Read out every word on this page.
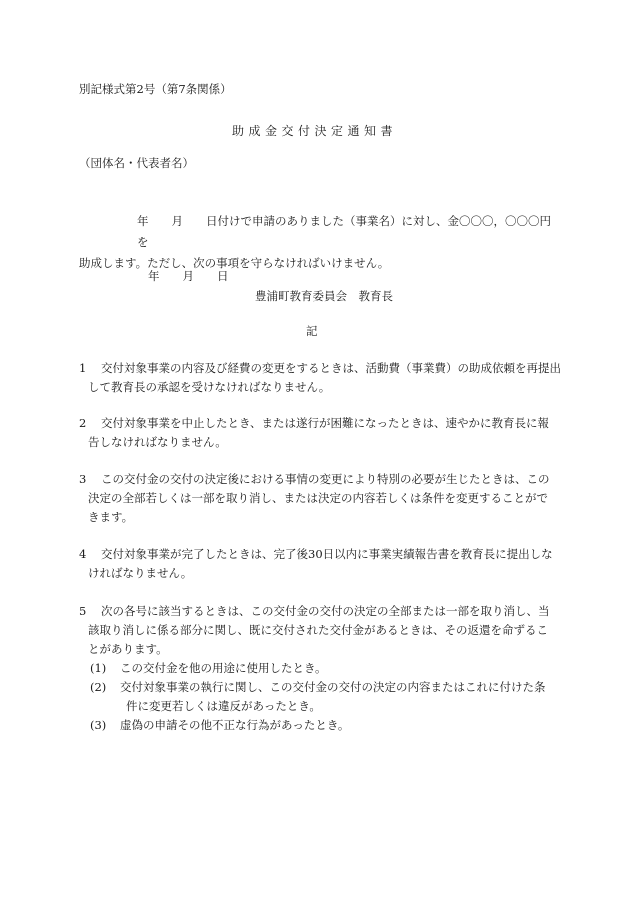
別記様式第2号（第7条関係）
助成金交付決定通知書
（団体名・代表者名）
年　　月　　日付けで申請のありました（事業名）に対し、金〇〇〇，〇〇〇円を
助成します。ただし、次の事項を守らなければいけません。
年　　月　　日
豊浦町教育委員会　教育長
記
1 交付対象事業の内容及び経費の変更をするときは、活動費（事業費）の助成依頼を再提出
して教育長の承認を受けなければなりません。
2 交付対象事業を中止したとき、または遂行が困難になったときは、速やかに教育長に報
告しなければなりません。
3 この交付金の交付の決定後における事情の変更により特別の必要が生じたときは、この
決定の全部若しくは一部を取り消し、または決定の内容若しくは条件を変更することがで
きます。
4 交付対象事業が完了したときは、完了後30日以内に事業実績報告書を教育長に提出しな
ければなりません。
5 次の各号に該当するときは、この交付金の交付の決定の全部または一部を取り消し、当
該取り消しに係る部分に関し、既に交付された交付金があるときは、その返還を命ずるこ
とがあります。
(1) この交付金を他の用途に使用したとき。
(2) 交付対象事業の執行に関し、この交付金の交付の決定の内容またはこれに付けた条
件に変更若しくは違反があったとき。
(3) 虚偽の申請その他不正な行為があったとき。
